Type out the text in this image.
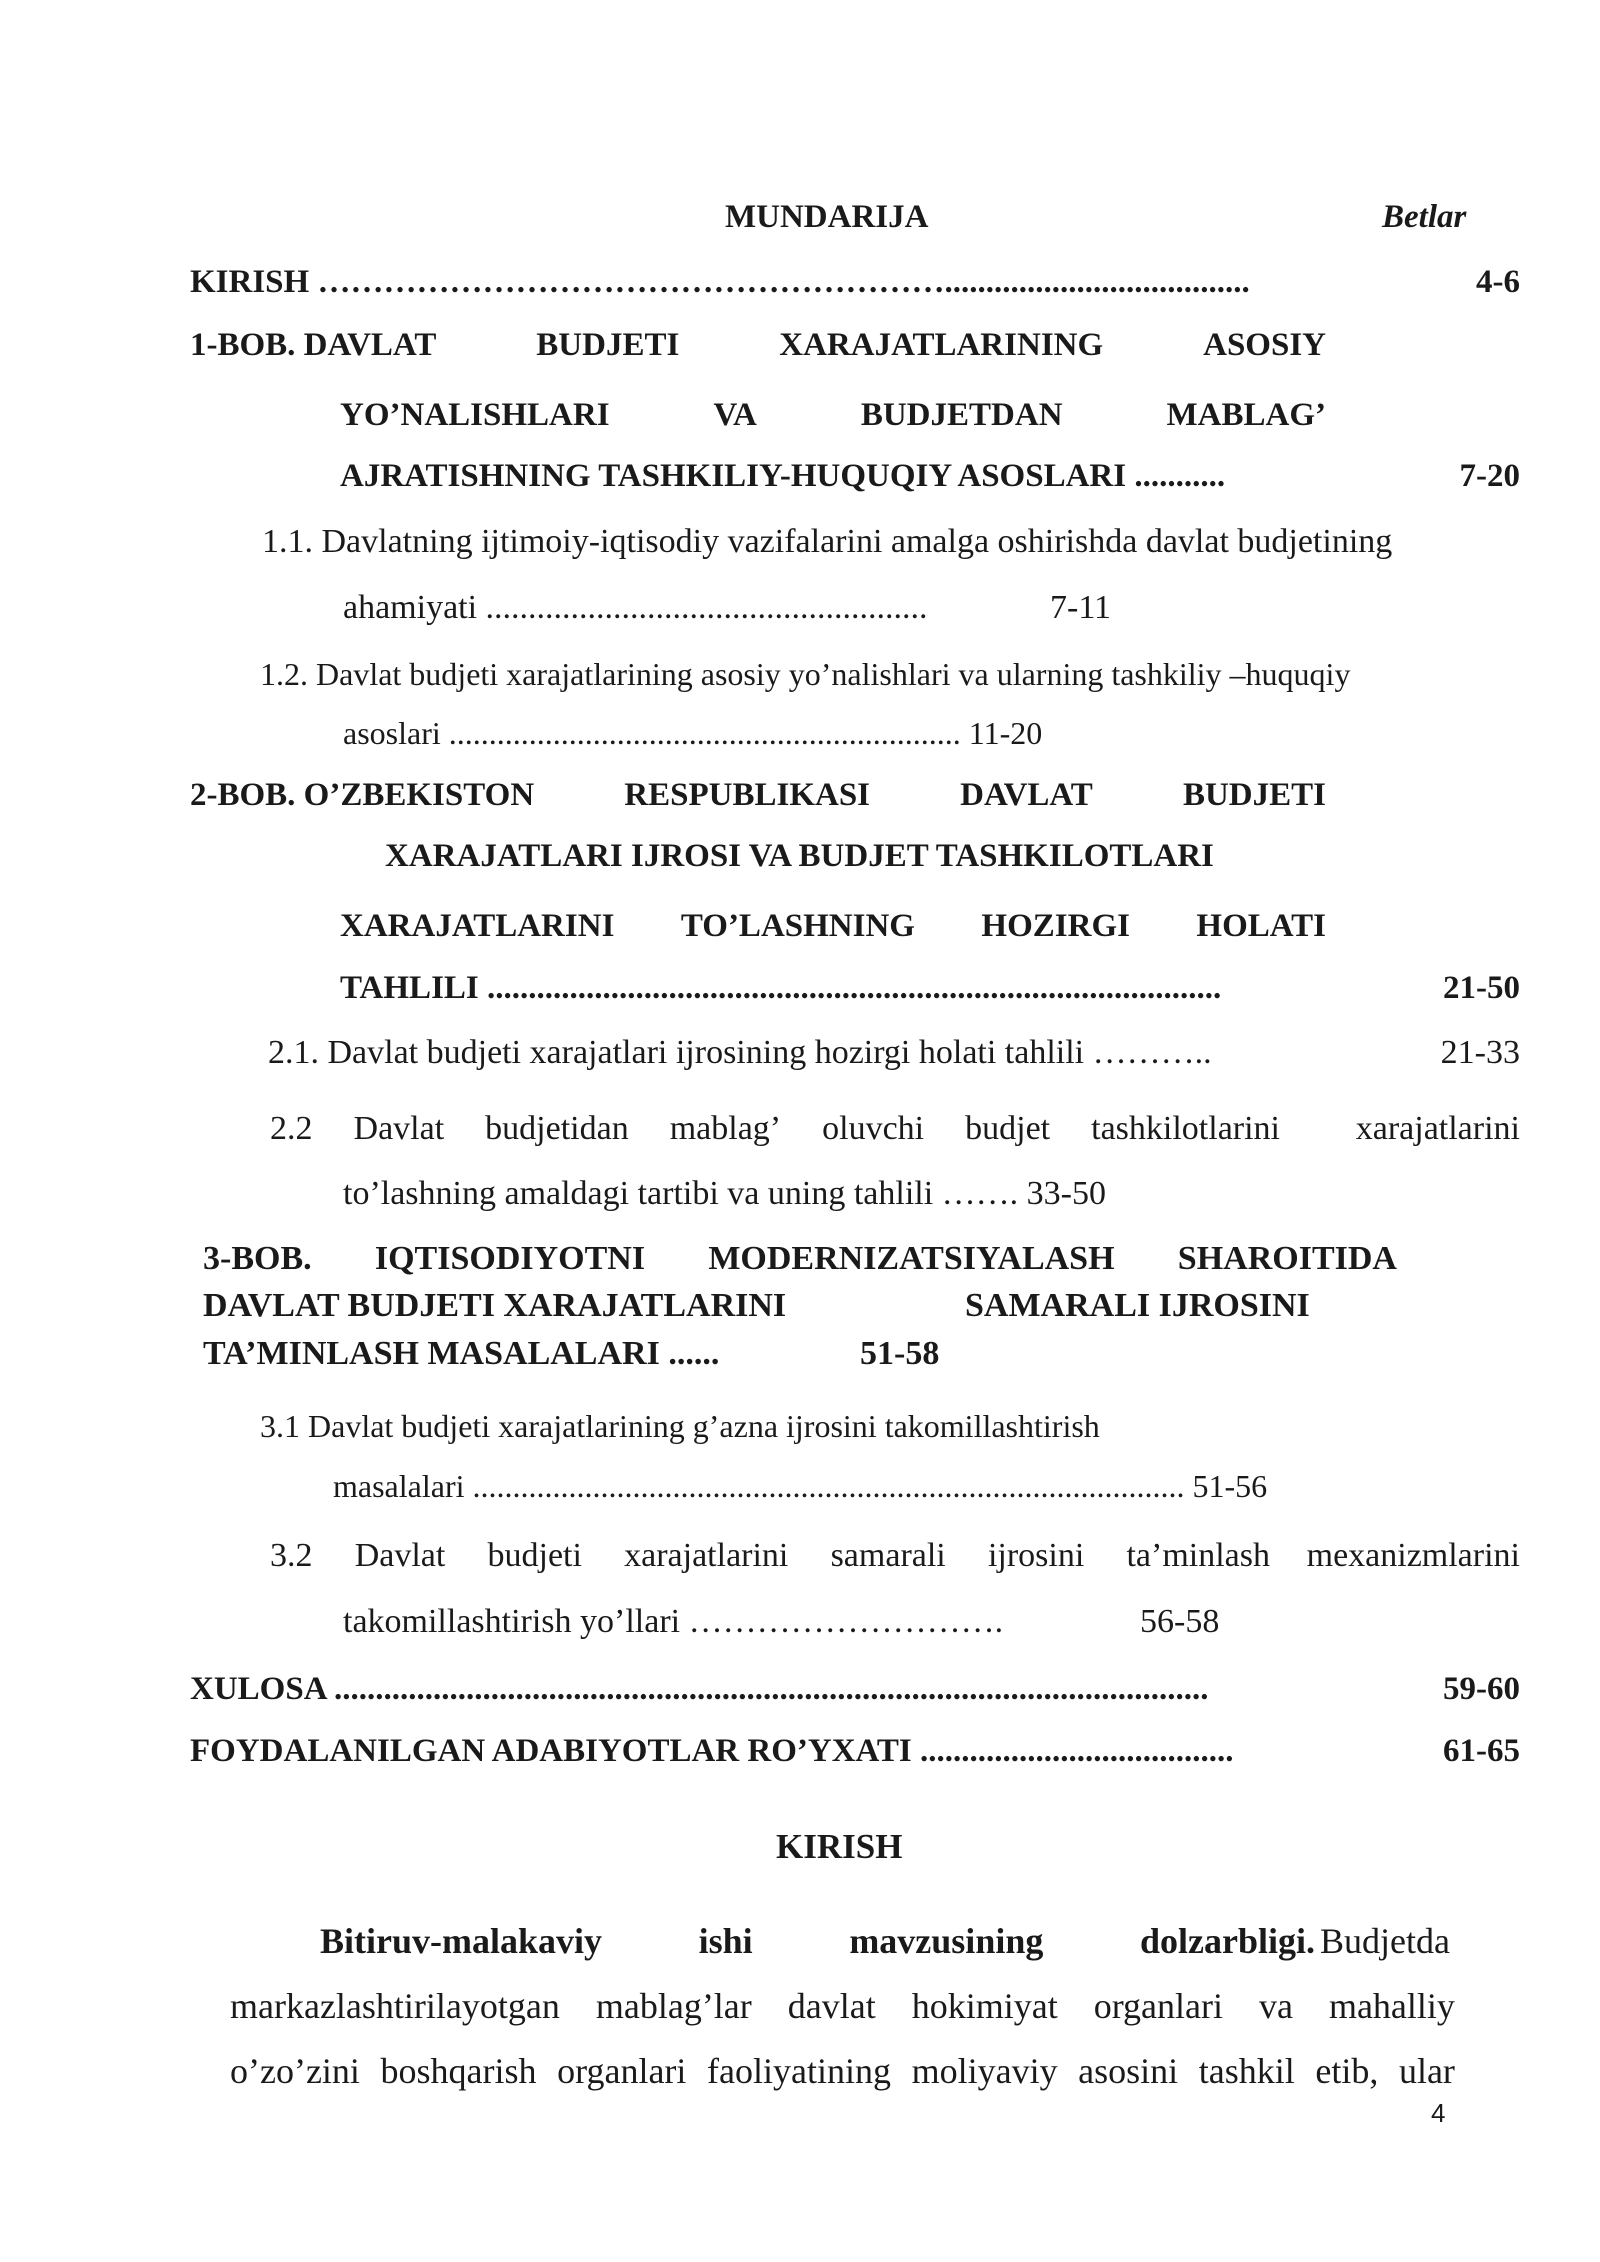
MUNDARIJA	Betlar
KIRISH ………………………………………………….....................................	4-6
1-BOB. DAVLAT	BUDJETI	XARAJATLARINING	ASOSIY
YO’NALISHLARI	VA	BUDJETDAN	MABLAG’
AJRATISHNING TASHKILIY-HUQUQIY ASOSLARI ...........	7-20
1.1. Davlatning ijtimoiy-iqtisodiy vazifalarini amalga oshirishda davlat budjetining
ahamiyati ....................................................	7-11
1.2. Davlat budjeti xarajatlarining asosiy yo’nalishlari va ularning tashkiliy –huquqiy
asoslari ................................................................ 11-20
2-BOB. O’ZBEKISTON	RESPUBLIKASI	DAVLAT	BUDJETI
XARAJATLARI IJROSI VA BUDJET TASHKILOTLARI
XARAJATLARINI TO’LASHNING HOZIRGI HOLATI
TAHLILI .........................................................................................	21-50
2.1. Davlat budjeti xarajatlari ijrosining hozirgi holati tahlili ………..	21-33
2.2 Davlat budjetidan mablag’ oluvchi budjet tashkilotlarini xarajatlarini
to’lashning amaldagi tartibi va uning tahlili ……. 33-50
3-BOB. IQTISODIYOTNI MODERNIZATSIYALASH SHAROITIDA
DAVLAT BUDJETI XARAJATLARINI	SAMARALI IJROSINI
TA’MINLASH MASALALARI ......	51-58
3.1 Davlat budjeti xarajatlarining g’azna ijrosini takomillashtirish
masalalari ......................................................................................... 51-56
3.2 Davlat budjeti xarajatlarini samarali ijrosini ta’minlash mexanizmlarini
takomillashtirish yo’llari ……………………….	56-58
XULOSA ..........................................................................................................	59-60
FOYDALANILGAN ADABIYOTLAR RO’YXATI ......................................	61-65
KIRISH
Bitiruv-malakaviy	ishi	mavzusining	dolzarbligi. Budjetda
markazlashtirilayotgan mablag’lar davlat hokimiyat organlari va mahalliy
o’zo’zini boshqarish organlari faoliyatining moliyaviy asosini tashkil etib, ular
4
